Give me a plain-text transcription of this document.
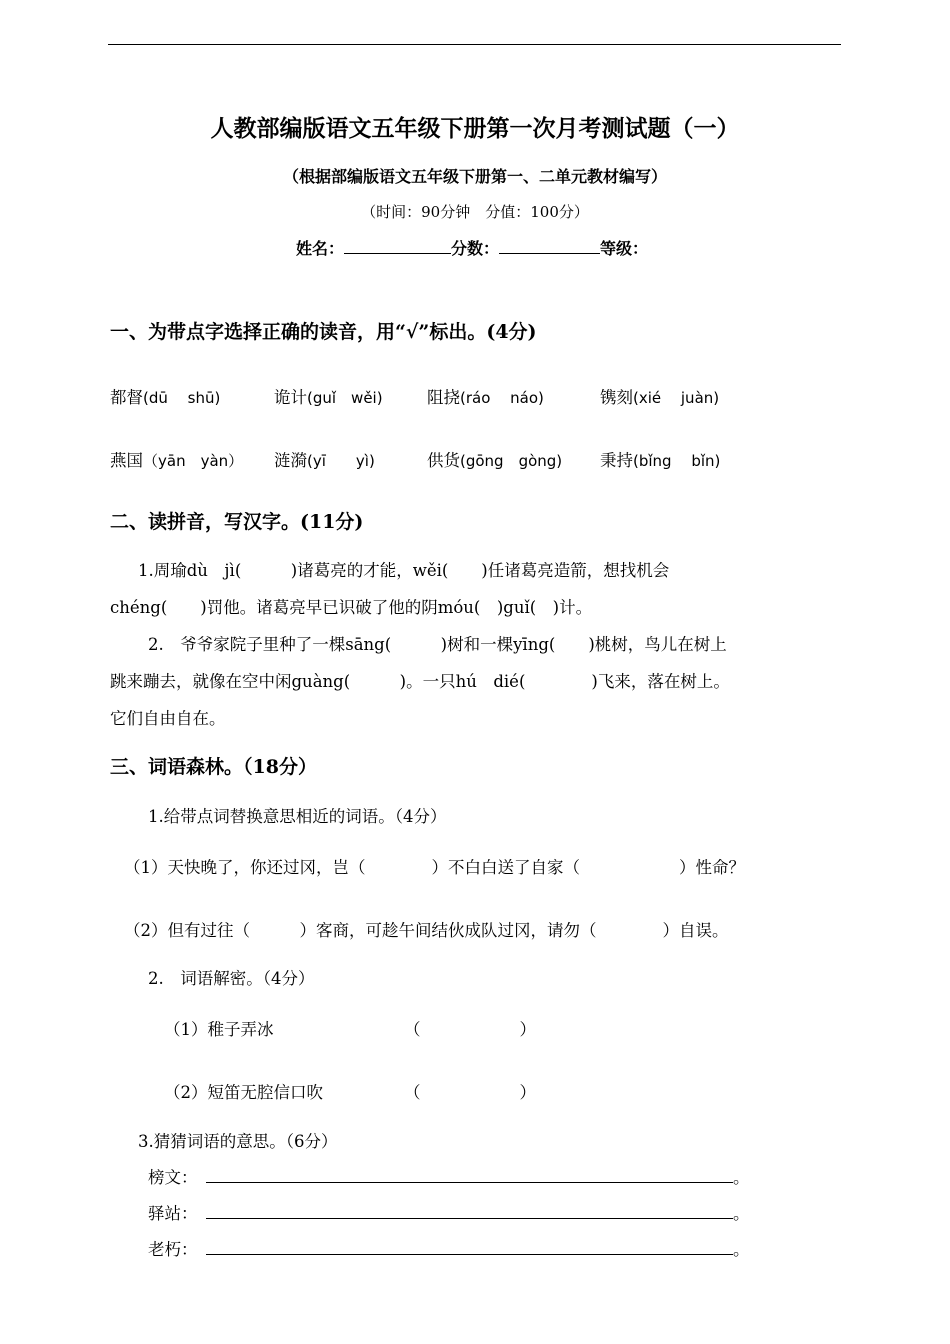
人教部编版语文五年级下册第一次月考测试题（一）
（根据部编版语文五年级下册第一、二单元教材编写）
（时间：90分钟　分值：100分）
姓名：	分数：	等级：
一、为带点字选择正确的读音，用“√”标出。(4分)
都督(dū　 shū)	诡计(guǐ　wěi)	阻挠(ráo　 náo)	镌刻(xié　 juàn)
燕国（yān　yàn） 涟漪(yī　　yì)	供货(gōng　gòng) 秉持(bǐng　 bǐn)
二、读拼音，写汉字。(11分)
1.周瑜dù　jì(　　　)诸葛亮的才能，wěi(　　)任诸葛亮造箭，想找机会
chéng(　　)罚他。诸葛亮早已识破了他的阴móu(　)guǐ(　)计。
2.　爷爷家院子里种了一棵sāng(　　　)树和一棵yīng(　　)桃树，鸟儿在树上
跳来蹦去，就像在空中闲guàng(　　　)。一只hú　dié(　　　　)飞来，落在树上。
它们自由自在。
三、词语森林。（18分）
1.给带点词替换意思相近的词语。（4分）
（1）天快晚了，你还过冈，岂（　　　　）不白白送了自家（　　　　　　）性命？
（2）但有过往（　　　）客商，可趁午间结伙成队过冈，请勿（　　　　）自误。
2.　词语解密。（4分）
（1）稚子弄冰	（　　　　　　）
（2）短笛无腔信口吹	（　　　　　　）
3.猜猜词语的意思。（6分）
榜文：	。
驿站：	。
老朽：	。
